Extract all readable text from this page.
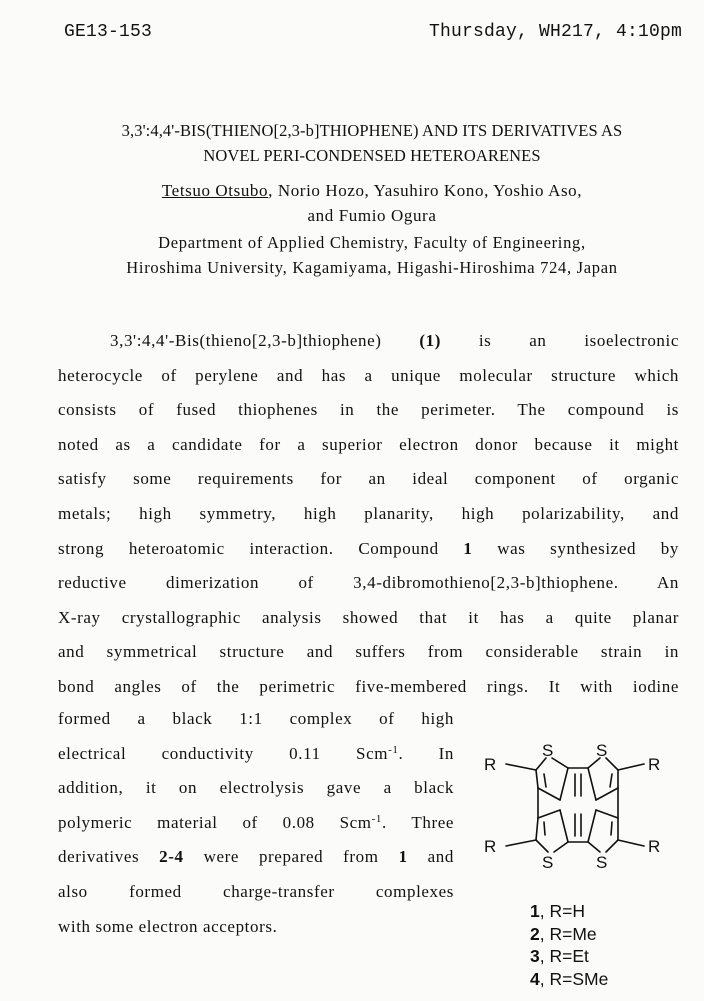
GE13-153	Thursday, WH217, 4:10pm
3,3':4,4'-BIS(THIENO[2,3-b]THIOPHENE) AND ITS DERIVATIVES AS
NOVEL PERI-CONDENSED HETEROARENES
Tetsuo Otsubo, Norio Hozo, Yasuhiro Kono, Yoshio Aso,
and Fumio Ogura
Department of Applied Chemistry, Faculty of Engineering,
Hiroshima University, Kagamiyama, Higashi-Hiroshima 724, Japan
3,3':4,4'-Bis(thieno[2,3-b]thiophene) (1) is an isoelectronic
heterocycle of perylene and has a unique molecular structure which
consists of fused thiophenes in the perimeter. The compound is
noted as a candidate for a superior electron donor because it might
satisfy some requirements for an ideal component of organic
metals; high symmetry, high planarity, high polarizability, and
strong heteroatomic interaction. Compound 1 was synthesized by
reductive dimerization of 3,4-dibromothieno[2,3-b]thiophene. An
X-ray crystallographic analysis showed that it has a quite planar
and symmetrical structure and suffers from considerable strain in
bond angles of the perimetric five-membered rings. It with iodine
formed a black 1:1 complex of high
electrical conductivity 0.11 Scm$^{-1}$. In
addition, it on electrolysis gave a black
polymeric material of 0.08 Scm$^{-1}$. Three
derivatives 2-4 were prepared from 1 and
also formed charge-transfer complexes
with some electron acceptors.
S	S
S	S
R	R
R	R
1, R=H
2, R=Me
3, R=Et
4, R=SMe
